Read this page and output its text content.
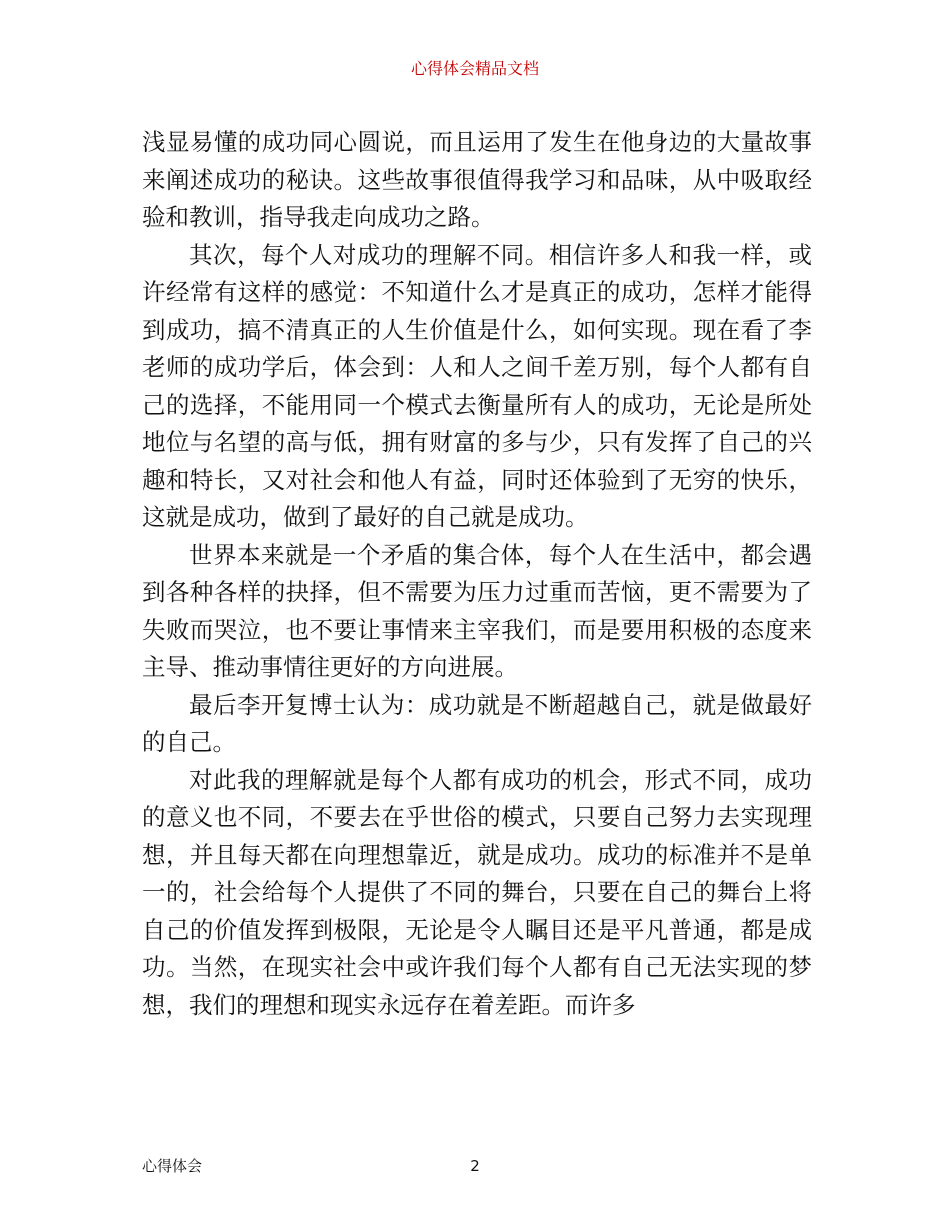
心得体会精品文档

浅显易懂的成功同心圆说，而且运用了发生在他身边的大量故事来阐述成功的秘诀。这些故事很值得我学习和品味，从中吸取经验和教训，指导我走向成功之路。

其次，每个人对成功的理解不同。相信许多人和我一样，或许经常有这样的感觉：不知道什么才是真正的成功，怎样才能得到成功，搞不清真正的人生价值是什么，如何实现。现在看了李老师的成功学后，体会到：人和人之间千差万别，每个人都有自己的选择，不能用同一个模式去衡量所有人的成功，无论是所处地位与名望的高与低，拥有财富的多与少，只有发挥了自己的兴趣和特长，又对社会和他人有益，同时还体验到了无穷的快乐，这就是成功，做到了最好的自己就是成功。

世界本来就是一个矛盾的集合体，每个人在生活中，都会遇到各种各样的抉择，但不需要为压力过重而苦恼，更不需要为了失败而哭泣，也不要让事情来主宰我们，而是要用积极的态度来主导、推动事情往更好的方向进展。

最后李开复博士认为：成功就是不断超越自己，就是做最好的自己。

对此我的理解就是每个人都有成功的机会，形式不同，成功的意义也不同，不要去在乎世俗的模式，只要自己努力去实现理想，并且每天都在向理想靠近，就是成功。成功的标准并不是单一的，社会给每个人提供了不同的舞台，只要在自己的舞台上将自己的价值发挥到极限，无论是令人瞩目还是平凡普通，都是成功。当然，在现实社会中或许我们每个人都有自己无法实现的梦想，我们的理想和现实永远存在着差距。而许多

心得体会	2
